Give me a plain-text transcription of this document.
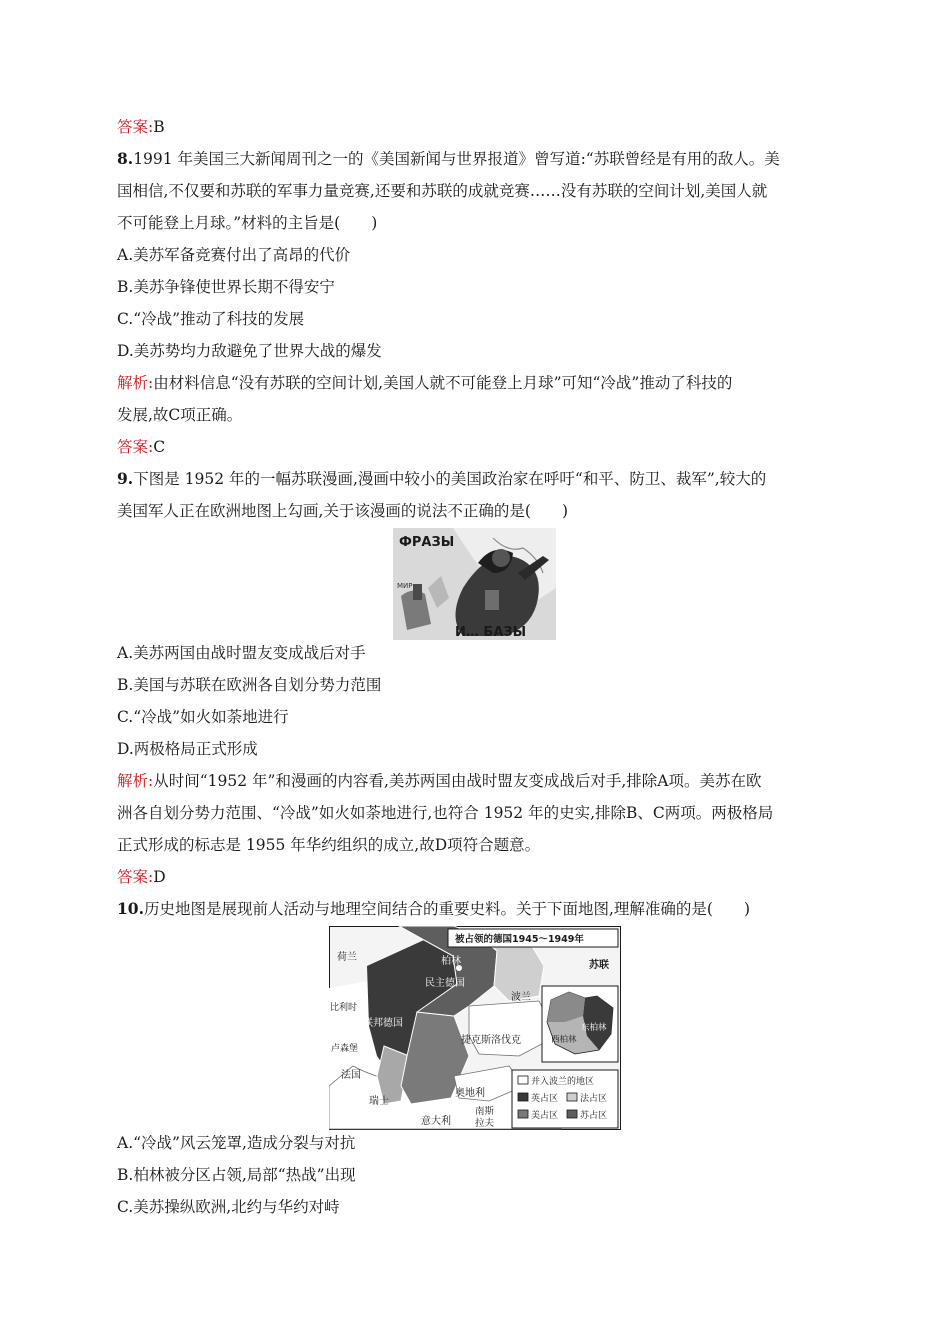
答案:B
8.1991 年美国三大新闻周刊之一的《美国新闻与世界报道》曾写道:“苏联曾经是有用的敌人。美
国相信,不仅要和苏联的军事力量竞赛,还要和苏联的成就竞赛……没有苏联的空间计划,美国人就
不可能登上月球。”材料的主旨是(　　)
A.美苏军备竞赛付出了高昂的代价
B.美苏争锋使世界长期不得安宁
C.“冷战”推动了科技的发展
D.美苏势均力敌避免了世界大战的爆发
解析:由材料信息“没有苏联的空间计划,美国人就不可能登上月球”可知“冷战”推动了科技的
发展,故C项正确。
答案:C
9.下图是 1952 年的一幅苏联漫画,漫画中较小的美国政治家在呼吁“和平、防卫、裁军”,较大的
美国军人正在欧洲地图上勾画,关于该漫画的说法不正确的是(　　)
ФРАЗЫ
И… БАЗЫ
МИР
A.美苏两国由战时盟友变成战后对手
B.美国与苏联在欧洲各自划分势力范围
C.“冷战”如火如荼地进行
D.两极格局正式形成
解析:从时间“1952 年”和漫画的内容看,美苏两国由战时盟友变成战后对手,排除A项。美苏在欧
洲各自划分势力范围、“冷战”如火如荼地进行,也符合 1952 年的史实,排除B、C两项。两极格局
正式形成的标志是 1955 年华约组织的成立,故D项符合题意。
答案:D
10.历史地图是展现前人活动与地理空间结合的重要史料。关于下面地图,理解准确的是(　　)
被占领的德国1945～1949年
苏联
荷兰	柏林
民主德国
波兰
比利时
联邦德国
卢森堡
捷克斯洛伐克
法国
奥地利
瑞士
意大利
南斯
拉夫
东柏林
西柏林
并入波兰的地区
英占区 法占区
美占区 苏占区
A.“冷战”风云笼罩,造成分裂与对抗
B.柏林被分区占领,局部“热战”出现
C.美苏操纵欧洲,北约与华约对峙
